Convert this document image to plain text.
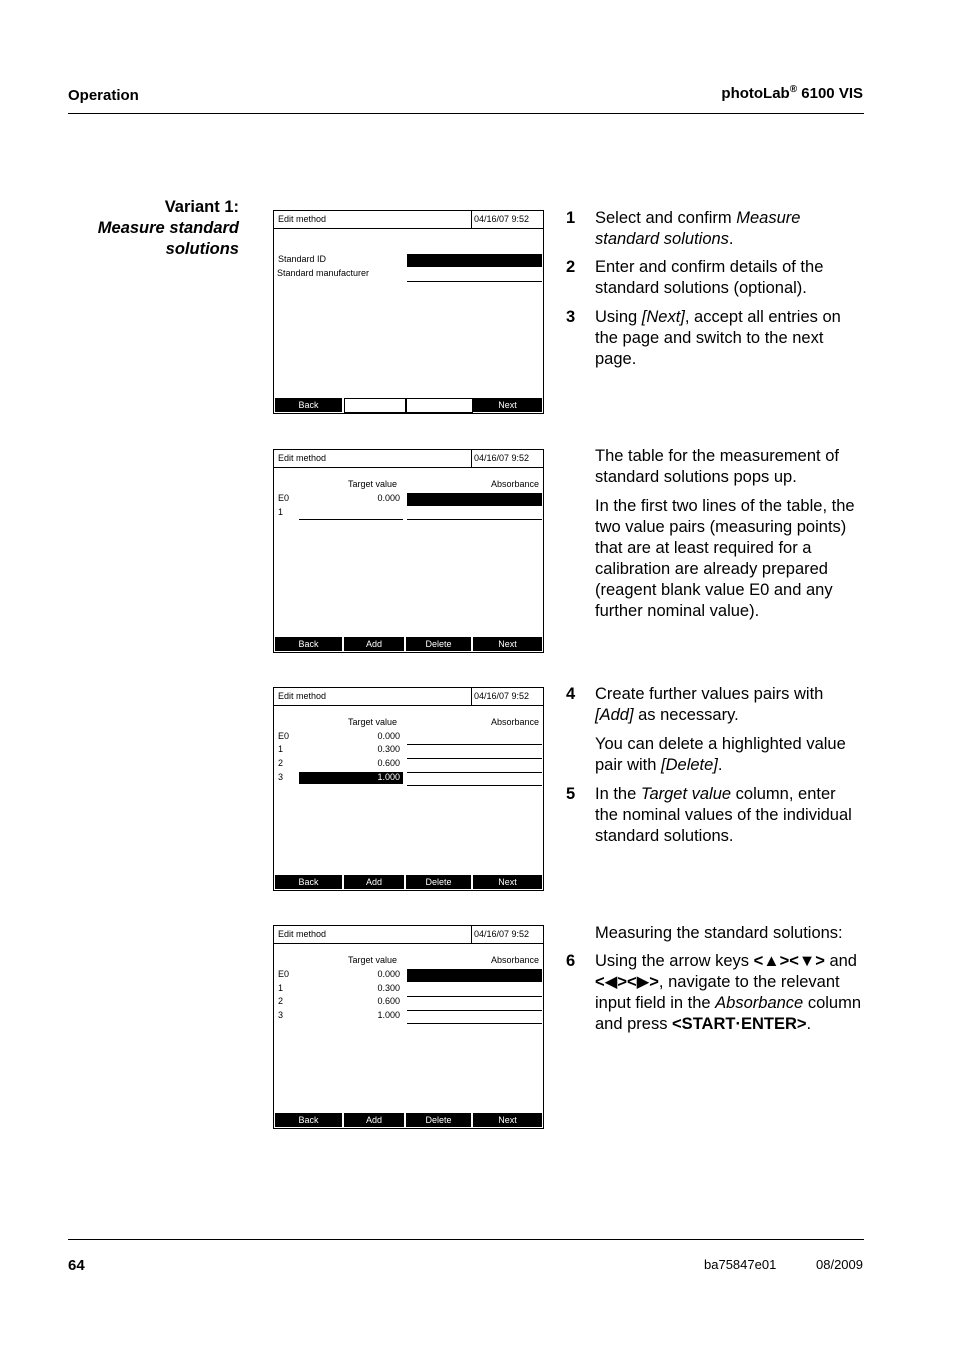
Operation	photoLab® 6100 VIS
Variant 1:
Measure standard
solutions
Edit method	04/16/07 9:52
Standard ID
Standard manufacturer
Back	Next
Edit method	04/16/07 9:52
Target value	Absorbance
E0	0.000
1
Back	Add	Delete	Next
Edit method	04/16/07 9:52
Target value	Absorbance
E0	0.000
1	0.300
2	0.600
3	1.000
Back	Add	Delete	Next
Edit method	04/16/07 9:52
Target value	Absorbance
E0	0.000
1	0.300
2	0.600
3	1.000
Back	Add	Delete	Next
1 Select and confirm Measure standard solutions.
2 Enter and confirm details of the standard solutions (optional).
3 Using [Next], accept all entries on the page and switch to the next page.
The table for the measurement of standard solutions pops up.
In the first two lines of the table, the two value pairs (measuring points) that are at least required for a calibration are already prepared (reagent blank value E0 and any further nominal value).
4 Create further values pairs with [Add] as necessary.
You can delete a highlighted value pair with [Delete].
5 In the Target value column, enter the nominal values of the individual standard solutions.
Measuring the standard solutions:
6 Using the arrow keys <▲><▼> and <◀><▶>, navigate to the relevant input field in the Absorbance column and press <START·ENTER>.
64	ba75847e01	08/2009
